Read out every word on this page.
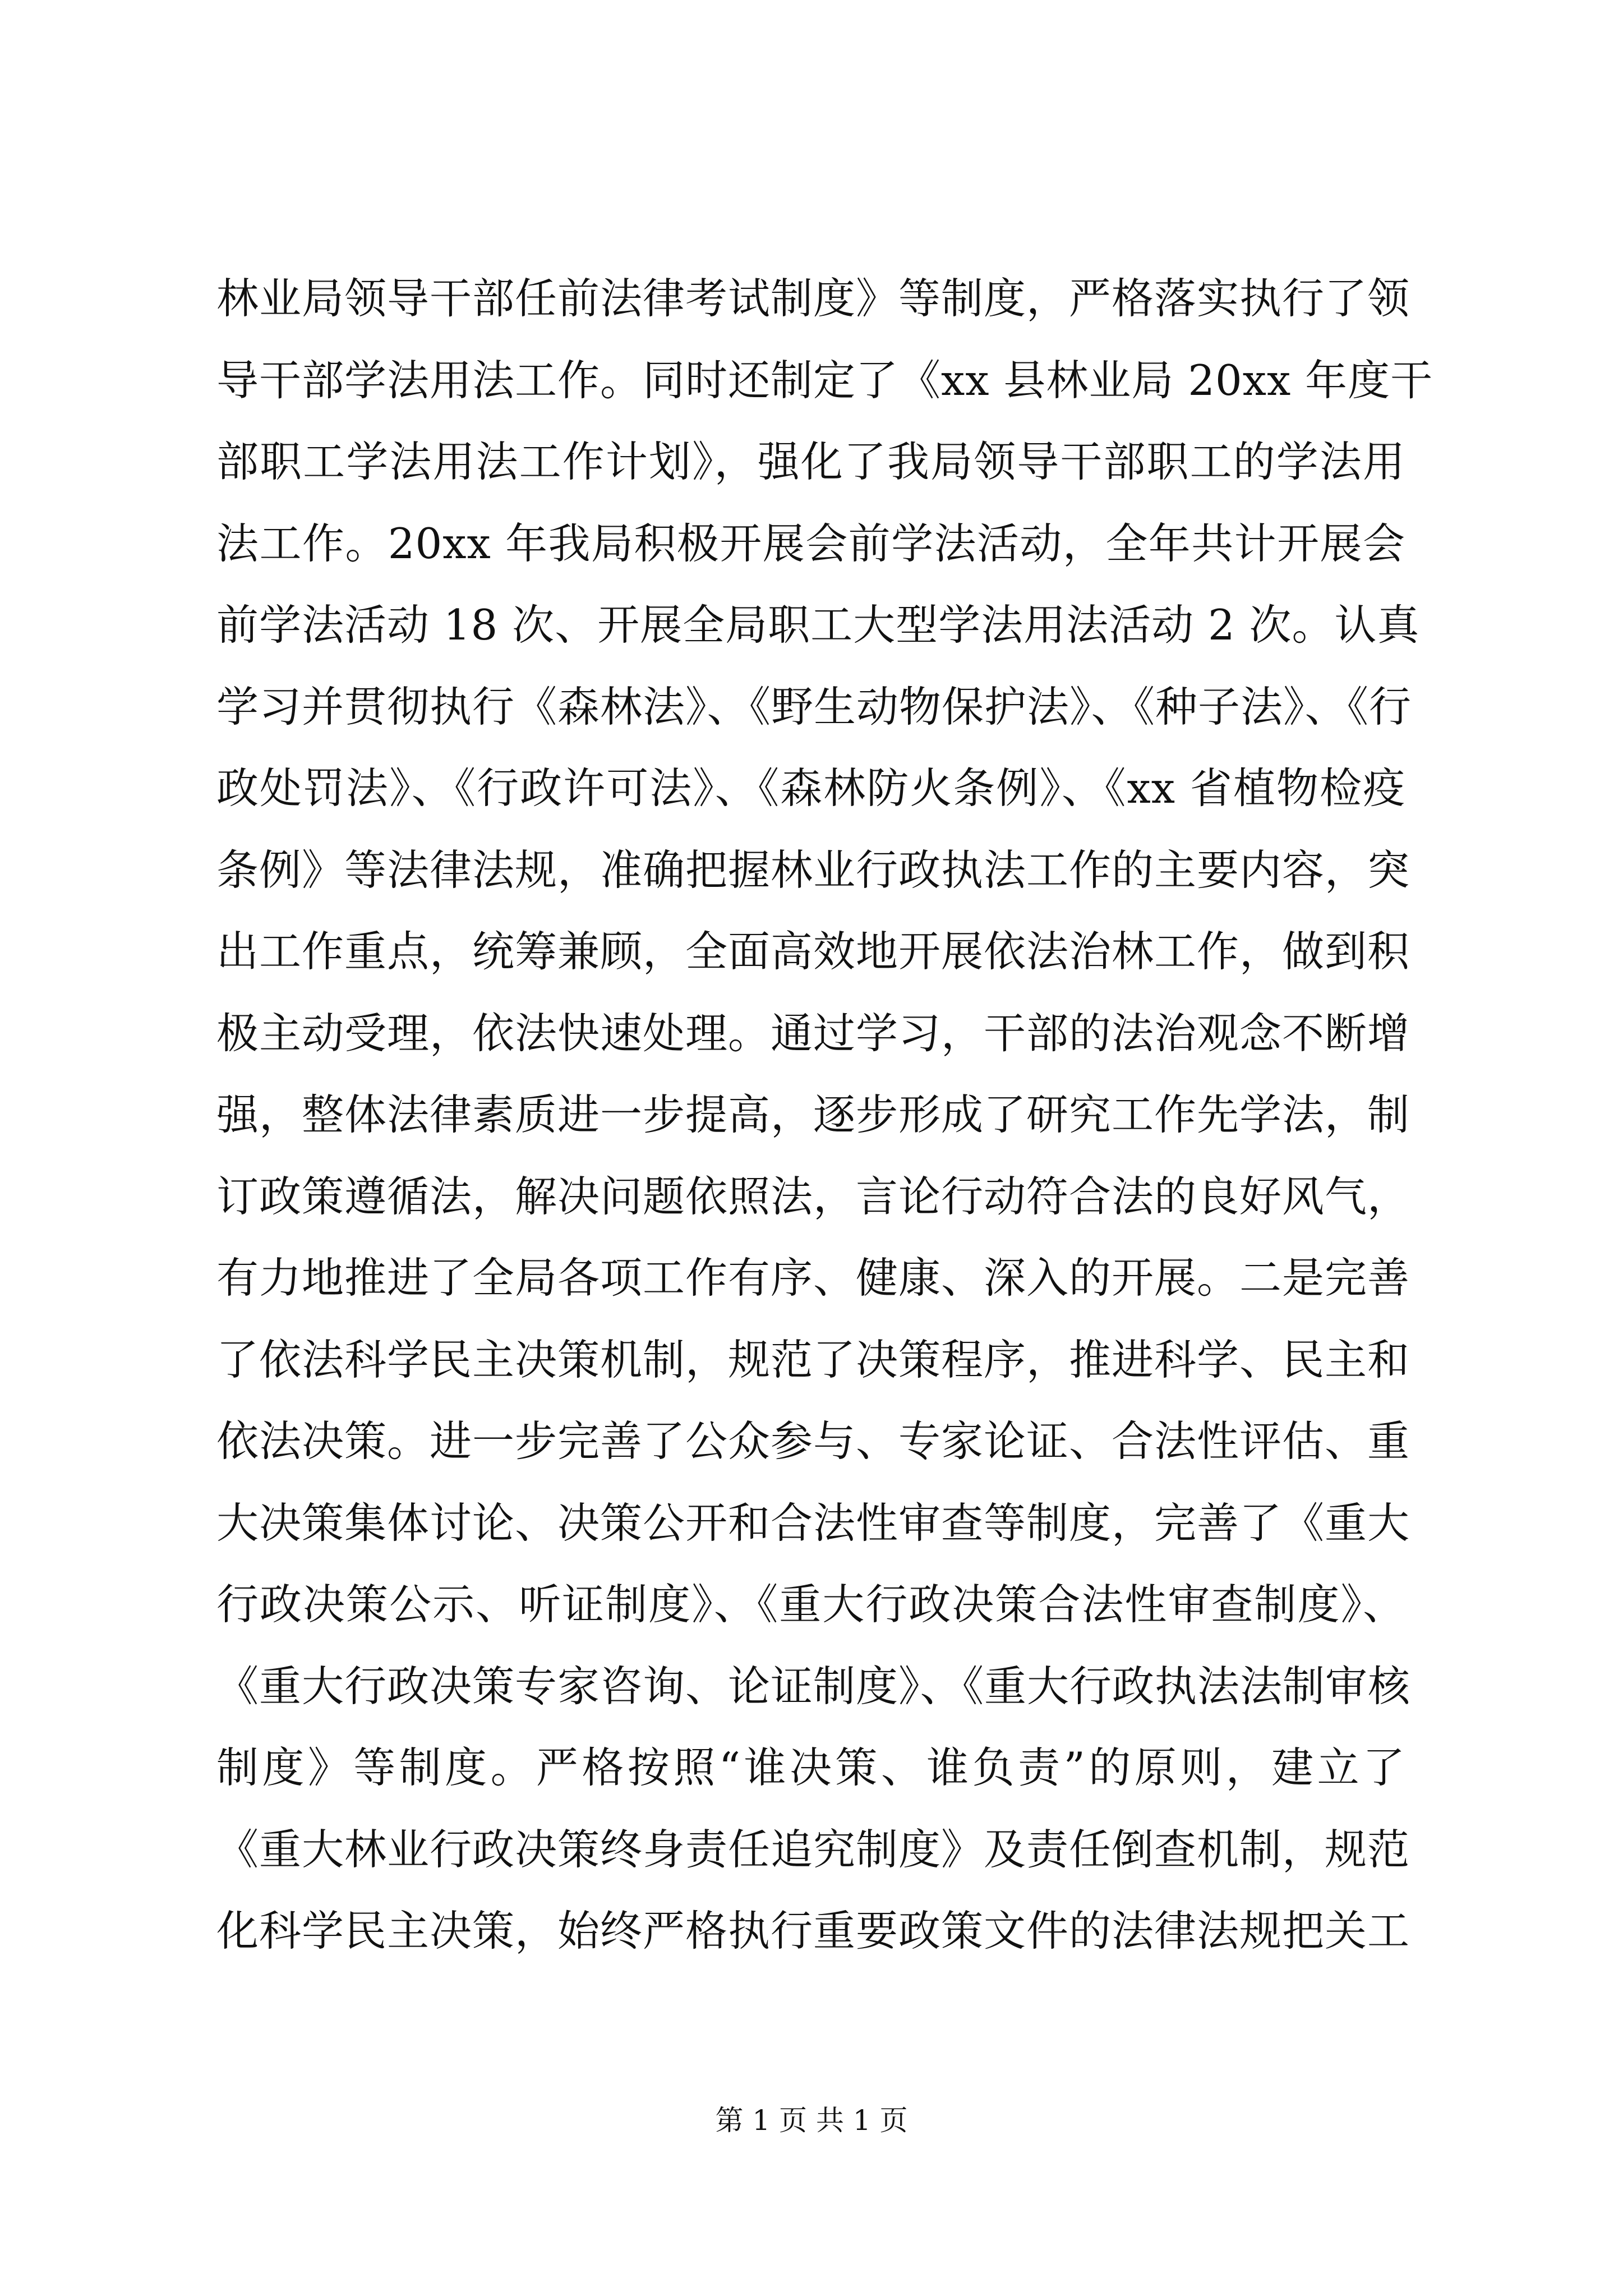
林业局领导干部任前法律考试制度》等制度，严格落实执行了领
导干部学法用法工作。同时还制定了《xx 县林业局 20xx 年度干
部职工学法用法工作计划》，强化了我局领导干部职工的学法用
法工作。20xx 年我局积极开展会前学法活动，全年共计开展会
前学法活动 18 次、开展全局职工大型学法用法活动 2 次。认真
学习并贯彻执行《森林法》、《野生动物保护法》、《种子法》、《行
政处罚法》、《行政许可法》、《森林防火条例》、《xx 省植物检疫
条例》等法律法规，准确把握林业行政执法工作的主要内容，突
出工作重点，统筹兼顾，全面高效地开展依法治林工作，做到积
极主动受理，依法快速处理。通过学习，干部的法治观念不断增
强，整体法律素质进一步提高，逐步形成了研究工作先学法，制
订政策遵循法，解决问题依照法，言论行动符合法的良好风气，
有力地推进了全局各项工作有序、健康、深入的开展。二是完善
了依法科学民主决策机制，规范了决策程序，推进科学、民主和
依法决策。进一步完善了公众参与、专家论证、合法性评估、重
大决策集体讨论、决策公开和合法性审查等制度，完善了《重大
行政决策公示、听证制度》、《重大行政决策合法性审查制度》、
《重大行政决策专家咨询、论证制度》、《重大行政执法法制审核
制度》等制度。严格按照“谁决策、谁负责”的原则，建立了
《重大林业行政决策终身责任追究制度》及责任倒查机制，规范
化科学民主决策，始终严格执行重要政策文件的法律法规把关工
第 1 页 共 1 页
